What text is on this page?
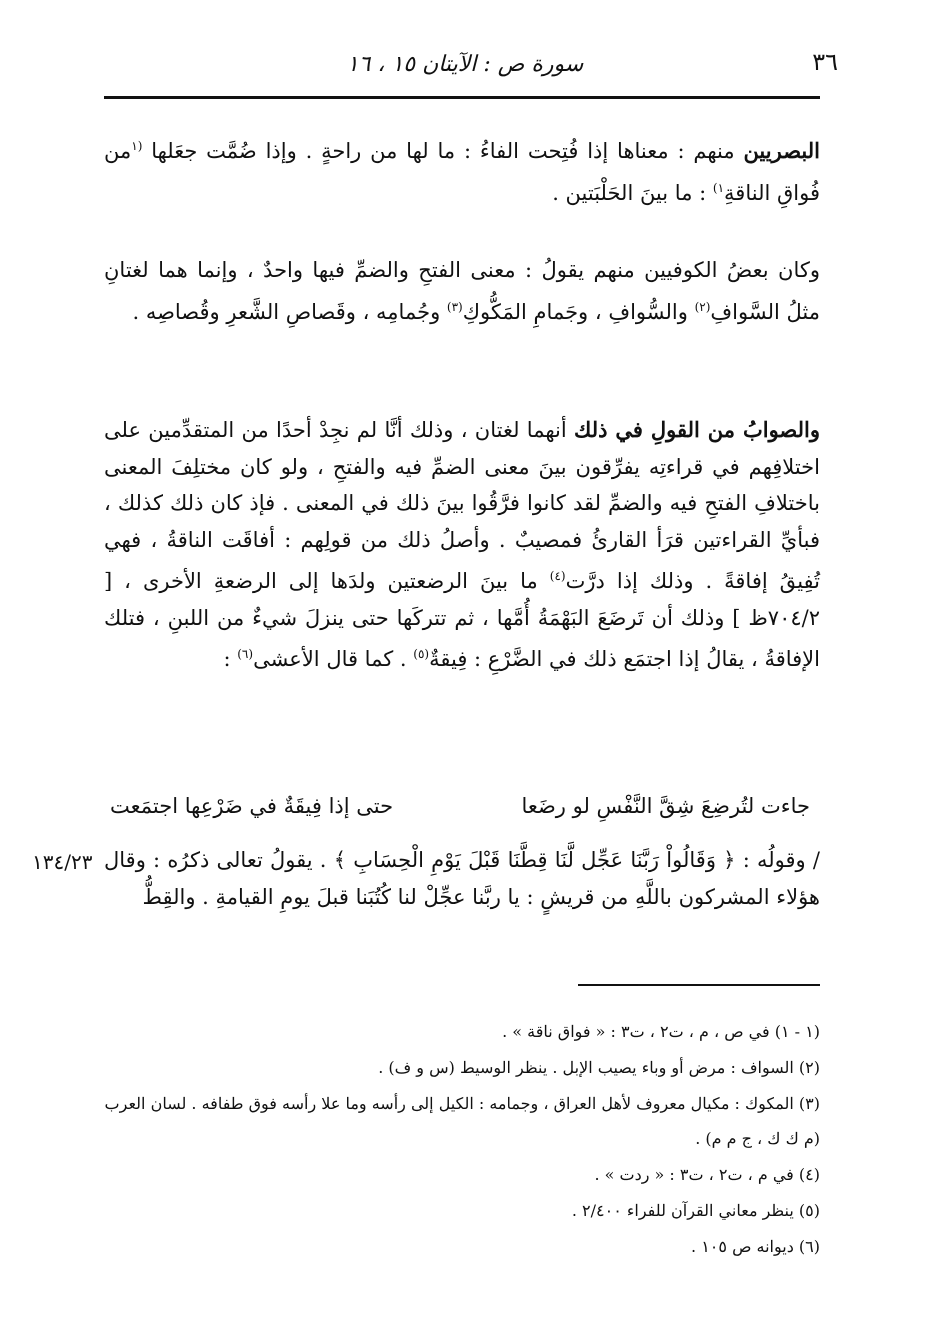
٣٦
سورة ص : الآيتان ١٥ ، ١٦
البصريين منهم : معناها إذا فُتِحت الفاءُ : ما لها من راحةٍ . وإذا ضُمَّت جعَلها $^{(١}$من فُواقِ الناقةِ$^{١)}$ : ما بينَ الحَلْبَتين .
وكان بعضُ الكوفيين منهم يقولُ : معنى الفتحِ والضمِّ فيها واحدٌ ، وإنما هما لغتانِ مثلُ السَّوافِ$^{(٢)}$ والسُّوافِ ، وجَمامِ المَكُّوكِ$^{(٣)}$ وجُمامِه ، وقَصاصِ الشَّعرِ وقُصاصِه .
والصوابُ من القولِ في ذلك أنهما لغتان ، وذلك أنَّا لم نجِدْ أحدًا من المتقدِّمين على اختلافِهم في قراءتِه يفرِّقون بينَ معنى الضمِّ فيه والفتحِ ، ولو كان مختلِفَ المعنى باختلافِ الفتحِ فيه والضمِّ لقد كانوا فرَّقُوا بينَ ذلك في المعنى . فإذ كان ذلك كذلك ، فبأيِّ القراءتين قرَأ القارئُ فمصيبٌ . وأصلُ ذلك من قولِهم : أفاقَت الناقةُ ، فهي تُفِيقُ إفاقةً . وذلك إذا درَّت$^{(٤)}$ ما بينَ الرضعتين ولدَها إلى الرضعةِ الأخرى ، [ ٧٠٤/٢ظ ] وذلك أن تَرضَعَ البَهْمَةُ أُمَّها ، ثم تتركَها حتى ينزلَ شيءٌ من اللبنِ ، فتلك الإفاقةُ ، يقالُ إذا اجتمَع ذلك في الضَّرْعِ : فِيقةٌ$^{(٥)}$ . كما قال الأعشى$^{(٦)}$ :
حتى إذا فِيقَةٌ في ضَرْعِها اجتمَعت	جاءت لتُرضِعَ شِقَّ النَّفْسِ لو رضَعا
/ وقولُه : ﴿ وَقَالُواْ رَبَّنَا عَجِّل لَّنَا قِطَّنَا قَبْلَ يَوْمِ الْحِسَابِ ﴾ . يقولُ تعالى ذكرُه : وقال هؤلاء المشركون باللَّهِ من قريشٍ : يا ربَّنا عجِّلْ لنا كُتُبَنا قبلَ يومِ القيامةِ . والقِطُّ
١٣٤/٢٣
(١ - ١) في ص ، م ، ت٢ ، ت٣ : « فواق ناقة » .
(٢) السواف : مرض أو وباء يصيب الإبل . ينظر الوسيط (س و ف) .
(٣) المكوك : مكيال معروف لأهل العراق ، وجمامه : الكيل إلى رأسه وما علا رأسه فوق طفافه . لسان العرب
(م ك ك ، ج م م) .
(٤) في م ، ت٢ ، ت٣ : « ردت » .
(٥) ينظر معاني القرآن للفراء ٢/٤٠٠ .
(٦) ديوانه ص ١٠٥ .
